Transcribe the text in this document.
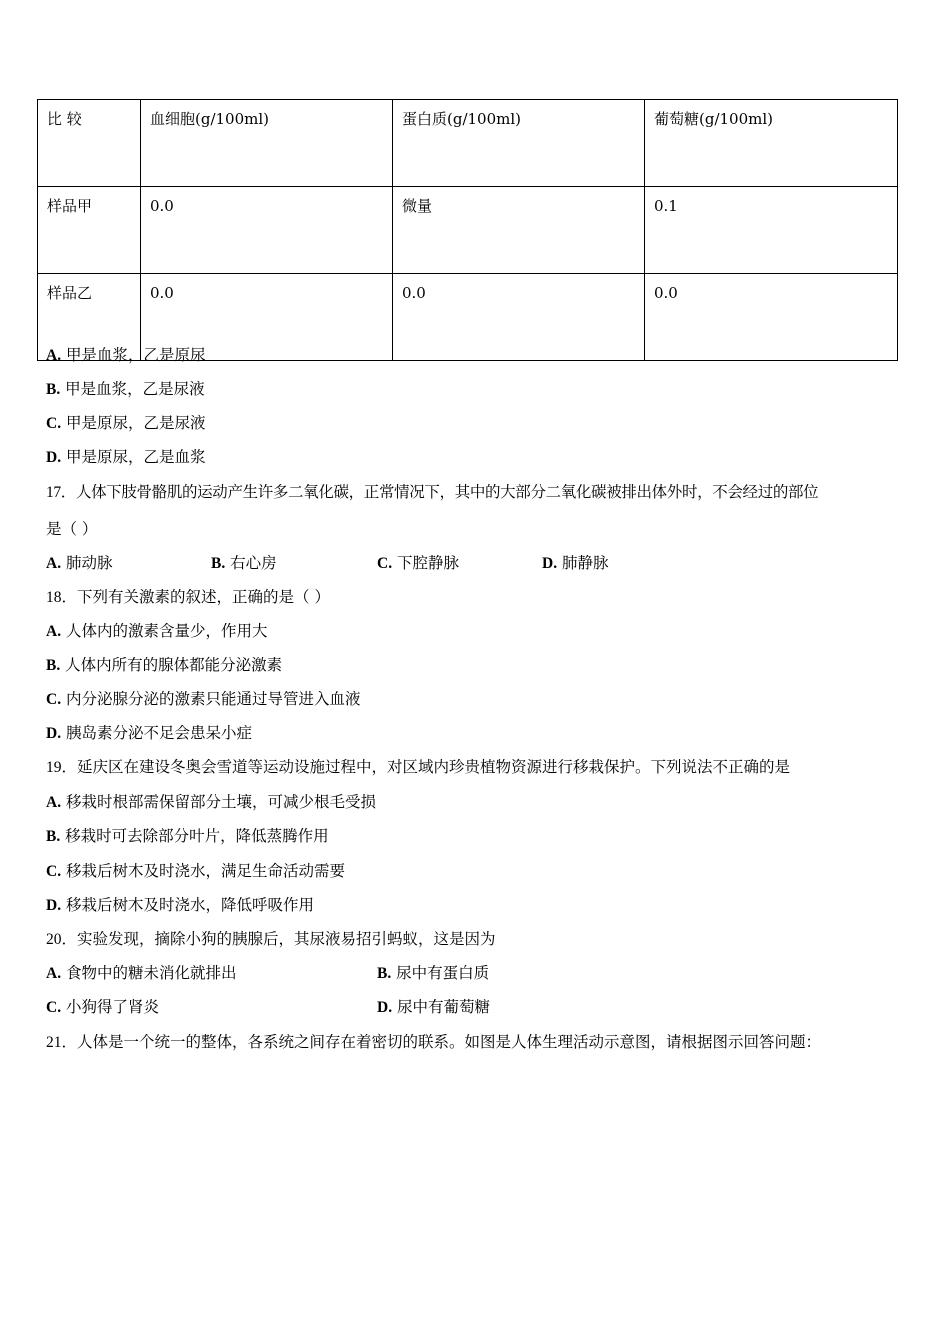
比 较	血细胞(g/100ml)	蛋白质(g/100ml)	葡萄糖(g/100ml)
样品甲	0.0	微量	0.1
样品乙	0.0	0.0	0.0
A. 甲是血浆，乙是原尿
B. 甲是血浆，乙是尿液
C. 甲是原尿，乙是尿液
D. 甲是原尿，乙是血浆
17．人体下肢骨骼肌的运动产生许多二氧化碳，正常情况下，其中的大部分二氧化碳被排出体外时，不会经过的部位
是（ ）
A. 肺动脉	B. 右心房	C. 下腔静脉	D. 肺静脉
18．下列有关激素的叙述，正确的是（ ）
A. 人体内的激素含量少，作用大
B. 人体内所有的腺体都能分泌激素
C. 内分泌腺分泌的激素只能通过导管进入血液
D. 胰岛素分泌不足会患呆小症
19．延庆区在建设冬奥会雪道等运动设施过程中，对区域内珍贵植物资源进行移栽保护。下列说法不正确的是
A. 移栽时根部需保留部分土壤，可减少根毛受损
B. 移栽时可去除部分叶片，降低蒸腾作用
C. 移栽后树木及时浇水，满足生命活动需要
D. 移栽后树木及时浇水，降低呼吸作用
20．实验发现，摘除小狗的胰腺后，其尿液易招引蚂蚁，这是因为
A. 食物中的糖未消化就排出	B. 尿中有蛋白质
C. 小狗得了肾炎	D. 尿中有葡萄糖
21．人体是一个统一的整体，各系统之间存在着密切的联系。如图是人体生理活动示意图，请根据图示回答问题：
